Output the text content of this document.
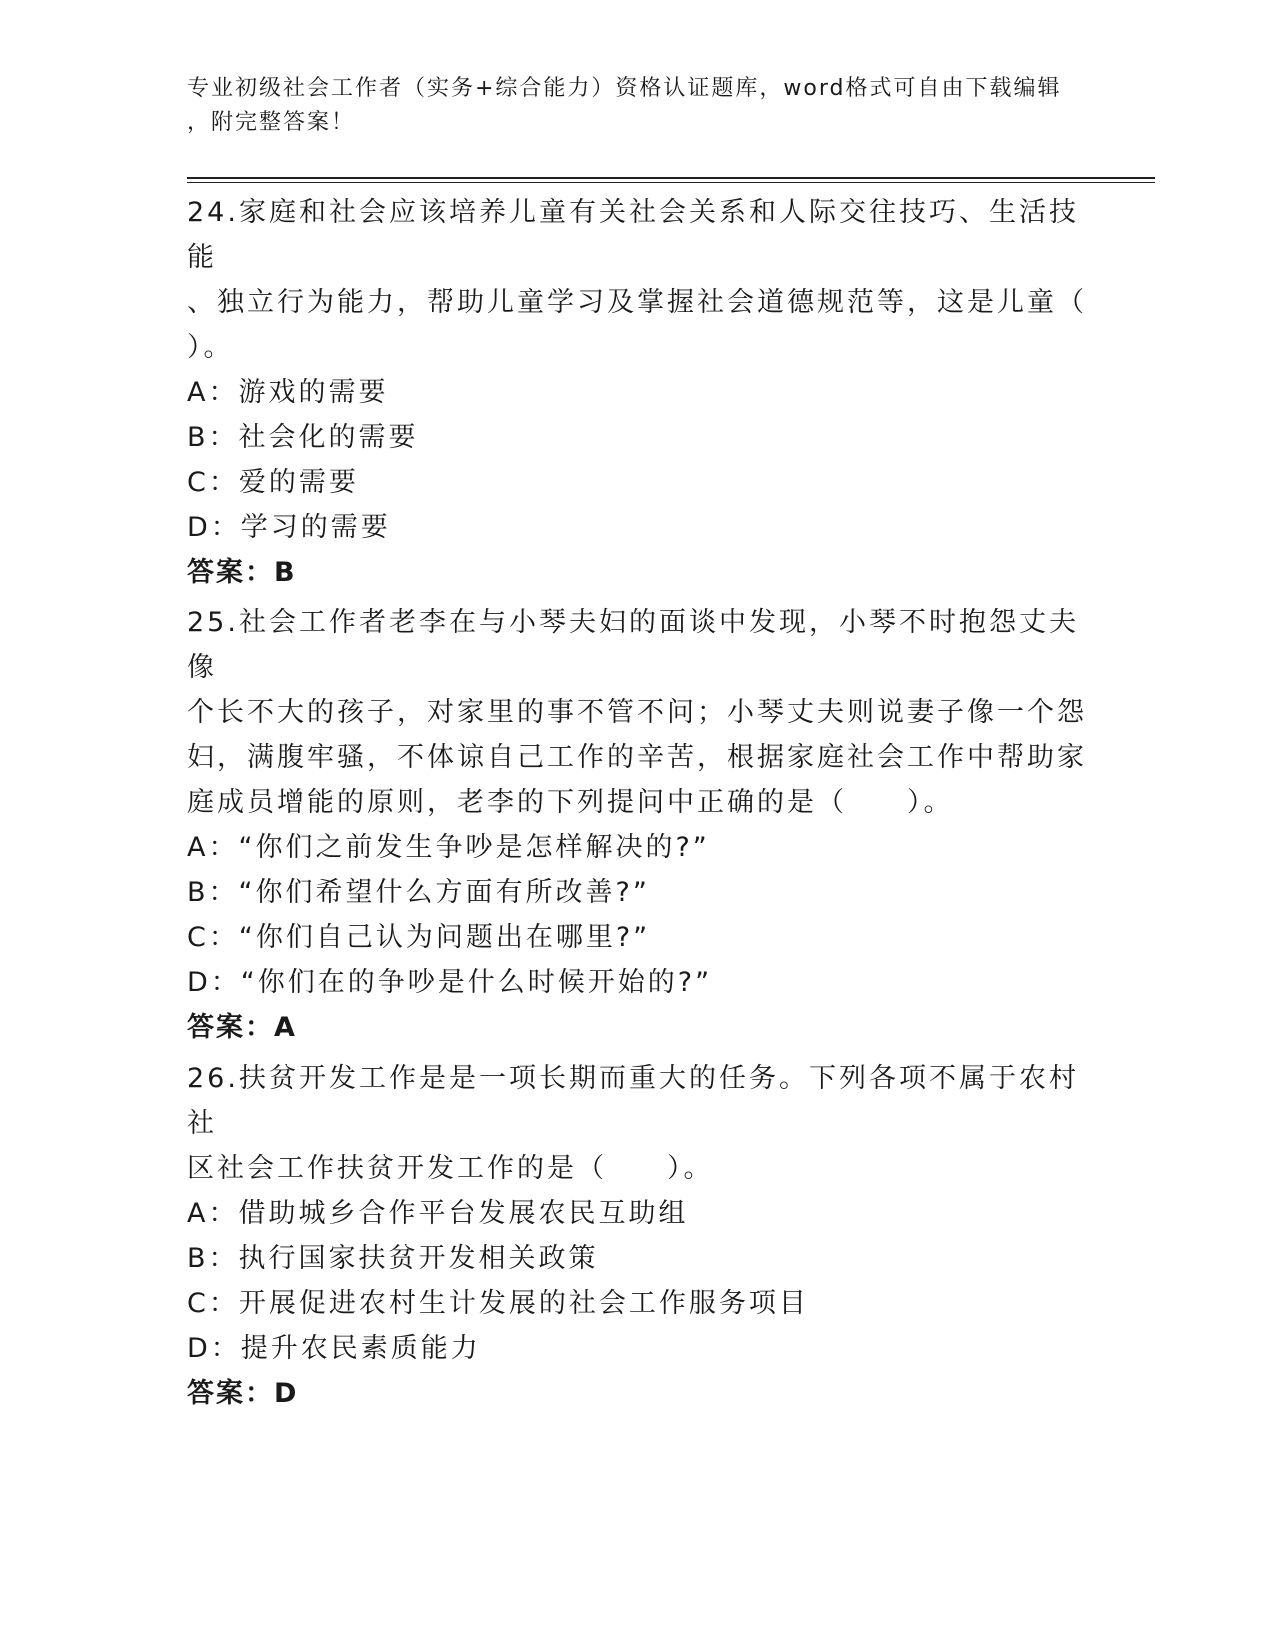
专业初级社会工作者（实务+综合能力）资格认证题库，word格式可自由下载编辑
，附完整答案！

24.家庭和社会应该培养儿童有关社会关系和人际交往技巧、生活技能

、独立行为能力，帮助儿童学习及掌握社会道德规范等，这是儿童（

）。

A：游戏的需要

B：社会化的需要

C：爱的需要

D：学习的需要

答案：B

25.社会工作者老李在与小琴夫妇的面谈中发现，小琴不时抱怨丈夫像

个长不大的孩子，对家里的事不管不问；小琴丈夫则说妻子像一个怨

妇，满腹牢骚，不体谅自己工作的辛苦，根据家庭社会工作中帮助家

庭成员增能的原则，老李的下列提问中正确的是（　　）。

A：“你们之前发生争吵是怎样解决的?”

B：“你们希望什么方面有所改善?”

C：“你们自己认为问题出在哪里?”

D：“你们在的争吵是什么时候开始的?”

答案：A

26.扶贫开发工作是是一项长期而重大的任务。下列各项不属于农村社

区社会工作扶贫开发工作的是（　　）。

A：借助城乡合作平台发展农民互助组

B：执行国家扶贫开发相关政策

C：开展促进农村生计发展的社会工作服务项目

D：提升农民素质能力

答案：D
